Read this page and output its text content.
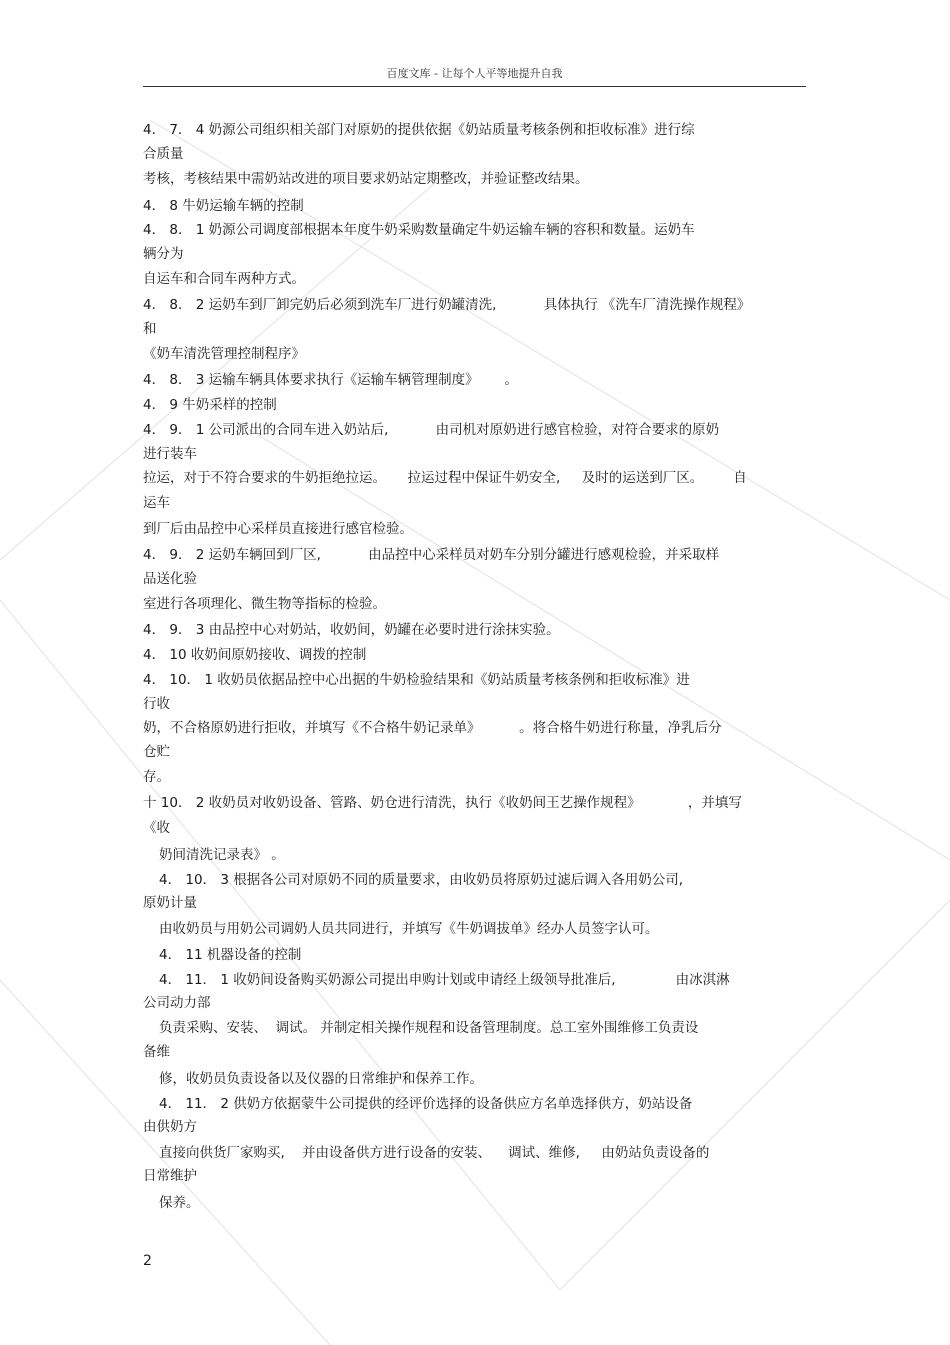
百度文库 - 让每个人平等地提升自我

4． 7． 4 奶源公司组织相关部门对原奶的提供依据《奶站质量考核条例和拒收标准》进行综

合质量

考核，考核结果中需奶站改进的项目要求奶站定期整改，并验证整改结果。

4． 8 牛奶运输车辆的控制

4． 8． 1 奶源公司调度部根据本年度牛奶采购数量确定牛奶运输车辆的容积和数量。运奶车

辆分为

自运车和合同车两种方式。

4． 8． 2 运奶车到厂卸完奶后必须到洗车厂进行奶罐清洗,           具体执行 《洗车厂清洗操作规程》

和

《奶车清洗管理控制程序》

4． 8． 3 运输车辆具体要求执行《运输车辆管理制度》      。

4． 9 牛奶采样的控制

4． 9． 1 公司派出的合同车进入奶站后,           由司机对原奶进行感官检验，对符合要求的原奶

进行装车

拉运，对于不符合要求的牛奶拒绝拉运。     拉运过程中保证牛奶安全,     及时的运送到厂区。       自

运车

到厂后由品控中心采样员直接进行感官检验。

4． 9． 2 运奶车辆回到厂区,           由品控中心采样员对奶车分别分罐进行感观检验，并采取样

品送化验

室进行各项理化、微生物等指标的检验。

4． 9． 3 由品控中心对奶站，收奶间，奶罐在必要时进行涂抹实验。

4． 10 收奶间原奶接收、调拨的控制

4． 10． 1 收奶员依据品控中心出据的牛奶检验结果和《奶站质量考核条例和拒收标准》进

行收

奶，不合格原奶进行拒收，并填写《不合格牛奶记录单》         。将合格牛奶进行称量，净乳后分

仓贮

存。

十 10． 2 收奶员对收奶设备、管路、奶仓进行清洗，执行《收奶间王艺操作规程》           ，并填写

《收

奶间清洗记录表》 。

4． 10． 3 根据各公司对原奶不同的质量要求，由收奶员将原奶过滤后调入各用奶公司,

原奶计量

由收奶员与用奶公司调奶人员共同进行，并填写《牛奶调拔单》经办人员签字认可。

4． 11 机器设备的控制

4． 11． 1 收奶间设备购买奶源公司提出申购计划或申请经上级领导批准后,              由冰淇淋

公司动力部

负责采购、安装、  调试。 并制定相关操作规程和设备管理制度。总工室外围维修工负责设

备维

修，收奶员负责设备以及仪器的日常维护和保养工作。

4． 11． 2 供奶方依据蒙牛公司提供的经评价选择的设备供应方名单选择供方，奶站设备

由供奶方

直接向供货厂家购买,    并由设备供方进行设备的安装、    调试、维修,     由奶站负责设备的

日常维护

保养。

2
